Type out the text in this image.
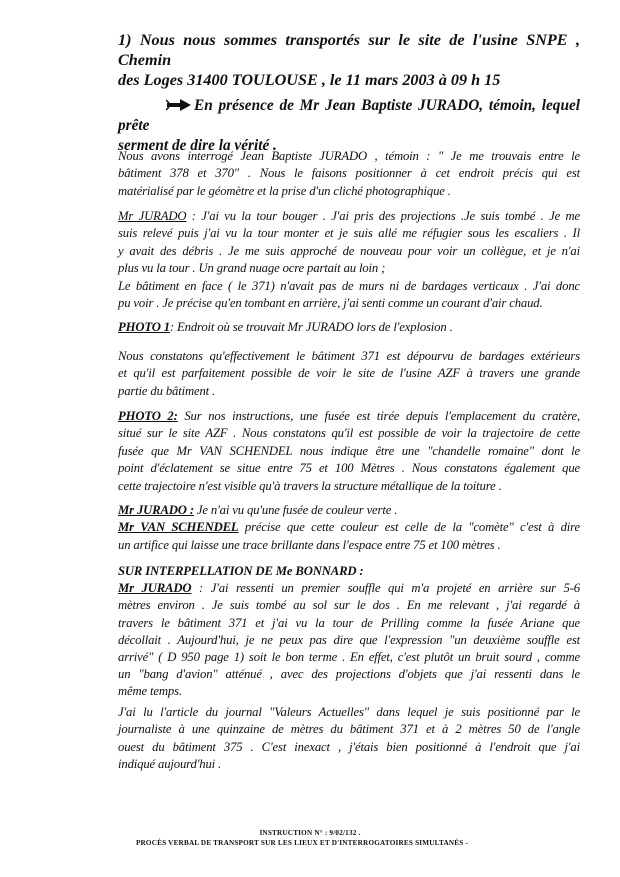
1) Nous nous sommes transportés sur le site de l'usine SNPE , Chemin
des Loges 31400 TOULOUSE , le 11 mars 2003 à 09 h 15

En présence de Mr Jean Baptiste JURADO, témoin, lequel prête
serment de dire la vérité .

Nous avons interrogé Jean Baptiste JURADO , témoin : " Je me trouvais entre le
bâtiment 378 et 370" . Nous le faisons positionner à cet endroit précis qui est
matérialisé par le géomètre et la prise d'un cliché photographique .

Mr JURADO : J'ai vu la tour bouger . J'ai pris des projections .Je suis tombé . Je me
suis relevé puis j'ai vu la tour monter et je suis allé me réfugier sous les escaliers . Il
y avait des débris . Je me suis approché de nouveau pour voir un collègue, et je n'ai
plus vu la tour . Un grand nuage ocre partait au loin ;
Le bâtiment en face ( le 371) n'avait pas de murs ni de bardages verticaux . J'ai donc
pu voir . Je précise qu'en tombant en arrière, j'ai senti comme un courant d'air chaud.

PHOTO 1: Endroit où se trouvait Mr JURADO lors de l'explosion .

Nous constatons qu'effectivement le bâtiment 371 est dépourvu de bardages extérieurs
et qu'il est parfaitement possible de voir le site de l'usine AZF à travers une grande
partie du bâtiment .

PHOTO 2: Sur nos instructions, une fusée est tirée depuis l'emplacement du cratère,
situé sur le site AZF . Nous constatons qu'il est possible de voir la trajectoire de cette
fusée que Mr VAN SCHENDEL nous indique être une "chandelle romaine" dont le
point d'éclatement se situe entre 75 et 100 Mètres . Nous constatons également que
cette trajectoire n'est visible qu'à travers la structure métallique de la toiture .

Mr JURADO : Je n'ai vu qu'une fusée de couleur verte .
Mr VAN SCHENDEL précise que cette couleur est celle de la "comète" c'est à dire
un artifice qui laisse une trace brillante dans l'espace entre 75 et 100 mètres .

SUR INTERPELLATION DE Me BONNARD :
Mr JURADO : J'ai ressenti un premier souffle qui m'a projeté en arrière sur 5-6
mètres environ . Je suis tombé au sol sur le dos . En me relevant , j'ai regardé à
travers le bâtiment 371 et j'ai vu la tour de Prilling comme la fusée Ariane que
décollait . Aujourd'hui, je ne peux pas dire que l'expression "un deuxième souffle est
arrivé" ( D 950 page 1) soit le bon terme . En effet, c'est plutôt un bruit sourd , comme
un "bang d'avion" atténué , avec des projections d'objets que j'ai ressenti dans le
même temps.

J'ai lu l'article du journal "Valeurs Actuelles" dans lequel je suis positionné par le
journaliste à une quinzaine de mètres du bâtiment 371 et à 2 mètres 50 de l'angle
ouest du bâtiment 375 . C'est inexact , j'étais bien positionné à l'endroit que j'ai
indiqué aujourd'hui .

INSTRUCTION N° : 9/02/132 .
PROCÈS VERBAL DE TRANSPORT SUR LES LIEUX ET D'INTERROGATOIRES SIMULTANÉS -
